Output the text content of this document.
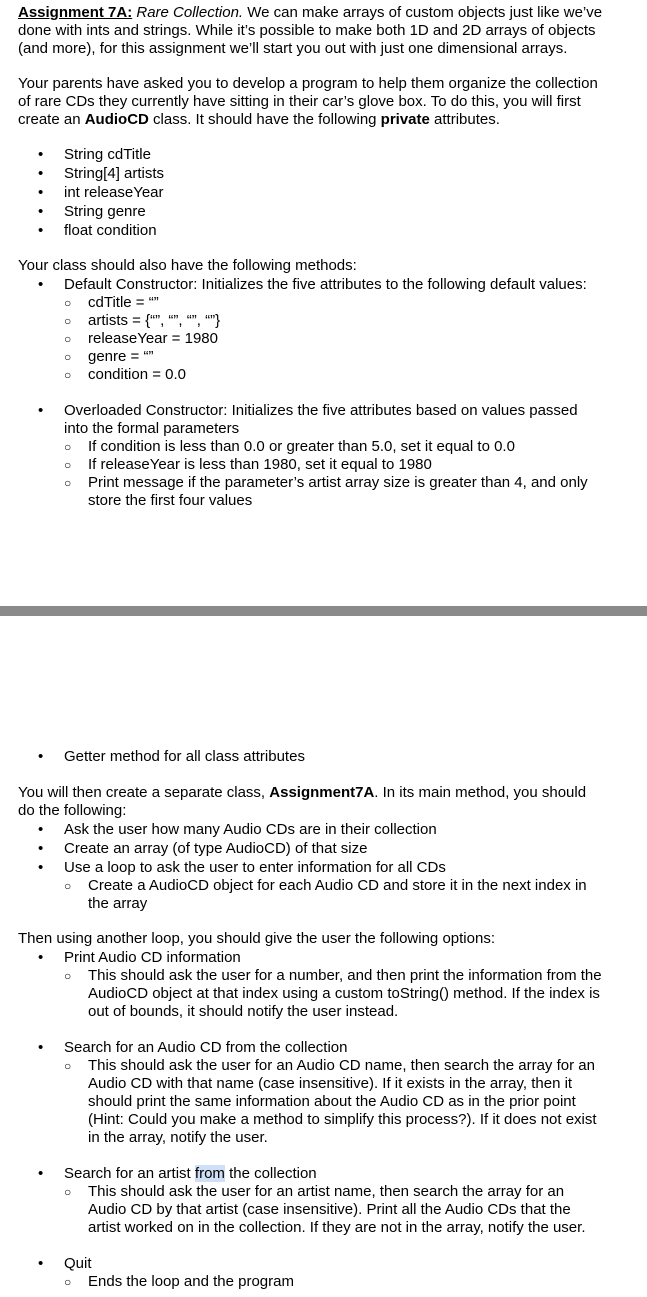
Assignment 7A: Rare Collection. We can make arrays of custom objects just like we’ve
done with ints and strings. While it’s possible to make both 1D and 2D arrays of objects
(and more), for this assignment we’ll start you out with just one dimensional arrays.
Your parents have asked you to develop a program to help them organize the collection
of rare CDs they currently have sitting in their car’s glove box. To do this, you will first
create an AudioCD class. It should have the following private attributes.
•
String cdTitle
•
String[4] artists
•
int releaseYear
•
String genre
•
float condition
Your class should also have the following methods:
•
Default Constructor: Initializes the five attributes to the following default values:
○
cdTitle = “”
○
artists = {“”, “”, “”, “”}
○
releaseYear = 1980
○
genre = “”
○
condition = 0.0
•
Overloaded Constructor: Initializes the five attributes based on values passed
into the formal parameters
○
If condition is less than 0.0 or greater than 5.0, set it equal to 0.0
○
If releaseYear is less than 1980, set it equal to 1980
○
Print message if the parameter’s artist array size is greater than 4, and only
store the first four values
•
Getter method for all class attributes
You will then create a separate class, Assignment7A. In its main method, you should
do the following:
•
Ask the user how many Audio CDs are in their collection
•
Create an array (of type AudioCD) of that size
•
Use a loop to ask the user to enter information for all CDs
○
Create a AudioCD object for each Audio CD and store it in the next index in
the array
Then using another loop, you should give the user the following options:
•
Print Audio CD information
○
This should ask the user for a number, and then print the information from the
AudioCD object at that index using a custom toString() method. If the index is
out of bounds, it should notify the user instead.
•
Search for an Audio CD from the collection
○
This should ask the user for an Audio CD name, then search the array for an
Audio CD with that name (case insensitive). If it exists in the array, then it
should print the same information about the Audio CD as in the prior point
(Hint: Could you make a method to simplify this process?). If it does not exist
in the array, notify the user.
•
Search for an artist from the collection
○
This should ask the user for an artist name, then search the array for an
Audio CD by that artist (case insensitive). Print all the Audio CDs that the
artist worked on in the collection. If they are not in the array, notify the user.
•
Quit
○
Ends the loop and the program
